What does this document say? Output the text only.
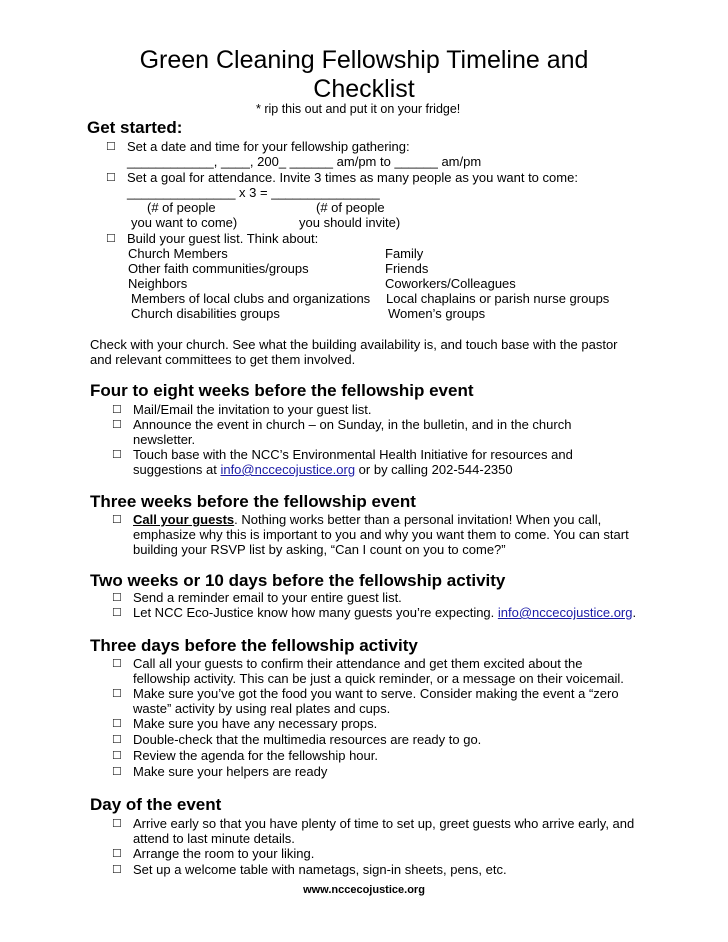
Green Cleaning Fellowship Timeline and
Checklist
* rip this out and put it on your fridge!
Get started:
☐ Set a date and time for your fellowship gathering:
____________, ____, 200_ ______ am/pm to ______ am/pm
☐ Set a goal for attendance. Invite 3 times as many people as you want to come:
_______________ x 3 = _______________
(# of people	(# of people
you want to come)	you should invite)
☐ Build your guest list. Think about:
Church Members
Other faith communities/groups
Neighbors
Members of local clubs and organizations
Church disabilities groups
Family
Friends
Coworkers/Colleagues
Local chaplains or parish nurse groups
Women’s groups
Check with your church. See what the building availability is, and touch base with the pastor
and relevant committees to get them involved.
Four to eight weeks before the fellowship event
☐ Mail/Email the invitation to your guest list.
☐ Announce the event in church – on Sunday, in the bulletin, and in the church
newsletter.
☐ Touch base with the NCC’s Environmental Health Initiative for resources and
suggestions at info@nccecojustice.org or by calling 202-544-2350
Three weeks before the fellowship event
☐ Call your guests. Nothing works better than a personal invitation! When you call,
emphasize why this is important to you and why you want them to come. You can start
building your RSVP list by asking, “Can I count on you to come?”
Two weeks or 10 days before the fellowship activity
☐ Send a reminder email to your entire guest list.
☐ Let NCC Eco-Justice know how many guests you’re expecting. info@nccecojustice.org.
Three days before the fellowship activity
☐ Call all your guests to confirm their attendance and get them excited about the
fellowship activity. This can be just a quick reminder, or a message on their voicemail.
☐ Make sure you’ve got the food you want to serve. Consider making the event a “zero
waste” activity by using real plates and cups.
☐ Make sure you have any necessary props.
☐ Double-check that the multimedia resources are ready to go.
☐ Review the agenda for the fellowship hour.
☐ Make sure your helpers are ready
Day of the event
☐ Arrive early so that you have plenty of time to set up, greet guests who arrive early, and
attend to last minute details.
☐ Arrange the room to your liking.
☐ Set up a welcome table with nametags, sign-in sheets, pens, etc.
www.nccecojustice.org
